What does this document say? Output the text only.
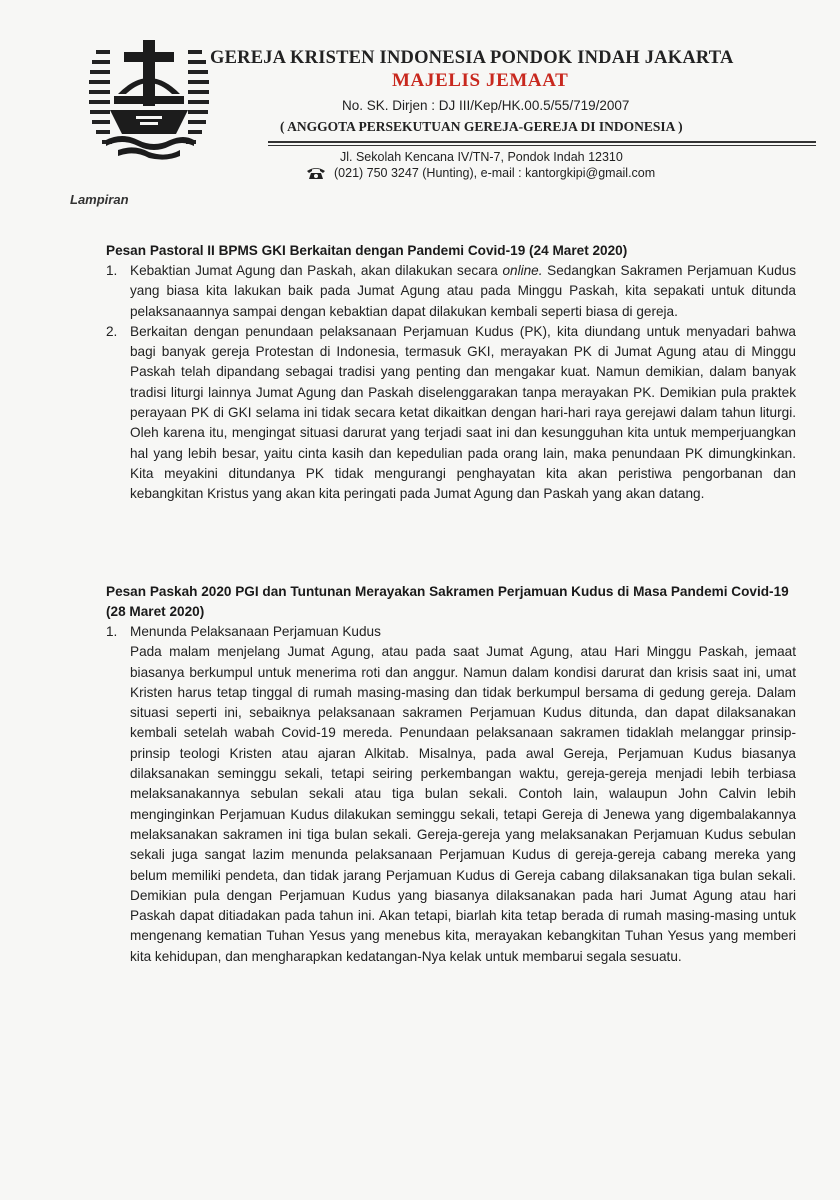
GEREJA KRISTEN INDONESIA PONDOK INDAH JAKARTA
MAJELIS JEMAAT
No. SK. Dirjen : DJ III/Kep/HK.00.5/55/719/2007
( ANGGOTA PERSEKUTUAN GEREJA-GEREJA DI INDONESIA )
Jl. Sekolah Kencana IV/TN-7, Pondok Indah 12310
(021) 750 3247 (Hunting), e-mail : kantorgkipi@gmail.com
Lampiran
Pesan Pastoral II BPMS GKI Berkaitan dengan Pandemi Covid-19 (24 Maret 2020)
1. Kebaktian Jumat Agung dan Paskah, akan dilakukan secara online. Sedangkan Sakramen Perjamuan Kudus yang biasa kita lakukan baik pada Jumat Agung atau pada Minggu Paskah, kita sepakati untuk ditunda pelaksanaannya sampai dengan kebaktian dapat dilakukan kembali seperti biasa di gereja.

2. Berkaitan dengan penundaan pelaksanaan Perjamuan Kudus (PK), kita diundang untuk menyadari bahwa bagi banyak gereja Protestan di Indonesia, termasuk GKI, merayakan PK di Jumat Agung atau di Minggu Paskah telah dipandang sebagai tradisi yang penting dan mengakar kuat. Namun demikian, dalam banyak tradisi liturgi lainnya Jumat Agung dan Paskah diselenggarakan tanpa merayakan PK. Demikian pula praktek perayaan PK di GKI selama ini tidak secara ketat dikaitkan dengan hari-hari raya gerejawi dalam tahun liturgi. Oleh karena itu, mengingat situasi darurat yang terjadi saat ini dan kesungguhan kita untuk memperjuangkan hal yang lebih besar, yaitu cinta kasih dan kepedulian pada orang lain, maka penundaan PK dimungkinkan. Kita meyakini ditundanya PK tidak mengurangi penghayatan kita akan peristiwa pengorbanan dan kebangkitan Kristus yang akan kita peringati pada Jumat Agung dan Paskah yang akan datang.

Pesan Paskah 2020 PGI dan Tuntunan Merayakan Sakramen Perjamuan Kudus di Masa Pandemi Covid-19 (28 Maret 2020)
1. Menunda Pelaksanaan Perjamuan Kudus

Pada malam menjelang Jumat Agung, atau pada saat Jumat Agung, atau Hari Minggu Paskah, jemaat biasanya berkumpul untuk menerima roti dan anggur. Namun dalam kondisi darurat dan krisis saat ini, umat Kristen harus tetap tinggal di rumah masing-masing dan tidak berkumpul bersama di gedung gereja. Dalam situasi seperti ini, sebaiknya pelaksanaan sakramen Perjamuan Kudus ditunda, dan dapat dilaksanakan kembali setelah wabah Covid-19 mereda. Penundaan pelaksanaan sakramen tidaklah melanggar prinsip-prinsip teologi Kristen atau ajaran Alkitab. Misalnya, pada awal Gereja, Perjamuan Kudus biasanya dilaksanakan seminggu sekali, tetapi seiring perkembangan waktu, gereja-gereja menjadi lebih terbiasa melaksanakannya sebulan sekali atau tiga bulan sekali. Contoh lain, walaupun John Calvin lebih menginginkan Perjamuan Kudus dilakukan seminggu sekali, tetapi Gereja di Jenewa yang digembalakannya melaksanakan sakramen ini tiga bulan sekali. Gereja-gereja yang melaksanakan Perjamuan Kudus sebulan sekali juga sangat lazim menunda pelaksanaan Perjamuan Kudus di gereja-gereja cabang mereka yang belum memiliki pendeta, dan tidak jarang Perjamuan Kudus di Gereja cabang dilaksanakan tiga bulan sekali. Demikian pula dengan Perjamuan Kudus yang biasanya dilaksanakan pada hari Jumat Agung atau hari Paskah dapat ditiadakan pada tahun ini. Akan tetapi, biarlah kita tetap berada di rumah masing-masing untuk mengenang kematian Tuhan Yesus yang menebus kita, merayakan kebangkitan Tuhan Yesus yang memberi kita kehidupan, dan mengharapkan kedatangan-Nya kelak untuk membarui segala sesuatu.
